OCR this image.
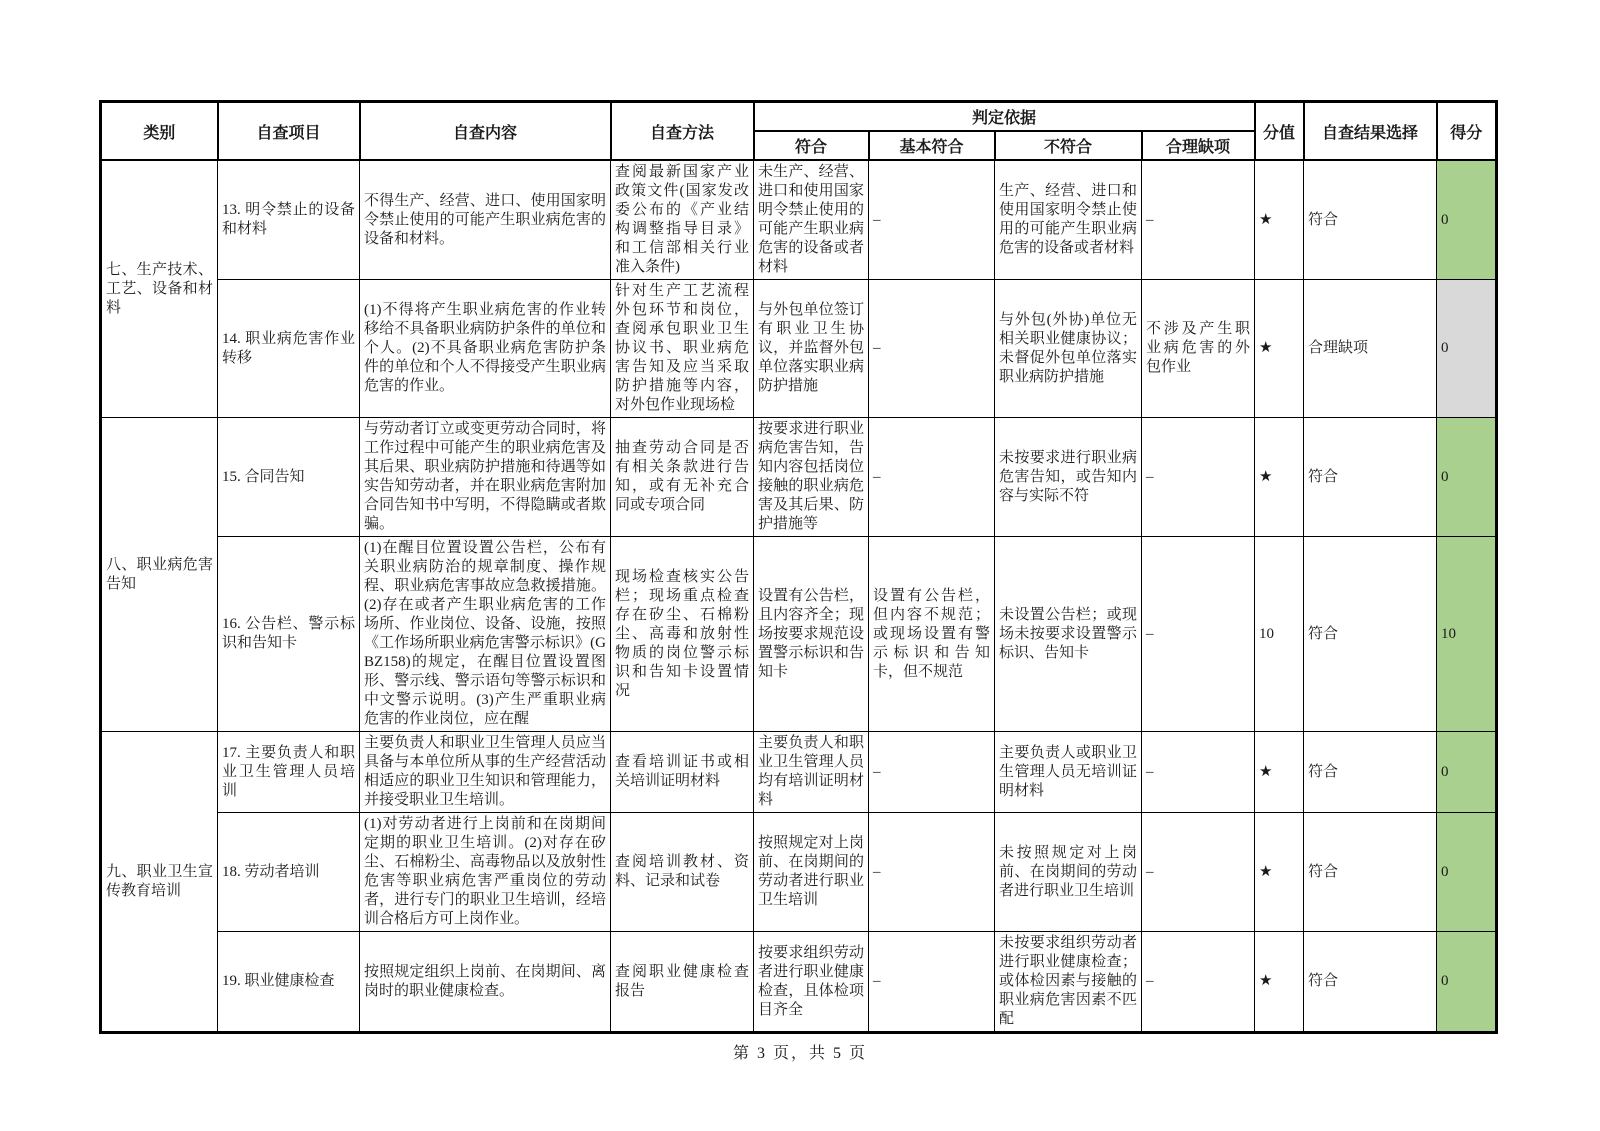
类别	自查项目	自查内容	自查方法	判定依据				分值	自查结果选择	得分
				符合	基本符合	不符合	合理缺项			
七、生产技术、工艺、设备和材料	13. 明令禁止的设备和材料	不得生产、经营、进口、使用国家明令禁止使用的可能产生职业病危害的设备和材料。	查阅最新国家产业政策文件(国家发改委公布的《产业结构调整指导目录》和工信部相关行业准入条件)	未生产、经营、进口和使用国家明令禁止使用的可能产生职业病危害的设备或者材料	–	生产、经营、进口和使用国家明令禁止使用的可能产生职业病危害的设备或者材料	–	★	符合	0
	14. 职业病危害作业转移	(1)不得将产生职业病危害的作业转移给不具备职业病防护条件的单位和个人。(2)不具备职业病危害防护条件的单位和个人不得接受产生职业病危害的作业。	针对生产工艺流程外包环节和岗位，查阅承包职业卫生协议书、职业病危害告知及应当采取防护措施等内容，对外包作业现场检	与外包单位签订有职业卫生协议，并监督外包单位落实职业病防护措施	–	与外包(外协)单位无相关职业健康协议；未督促外包单位落实职业病防护措施	不涉及产生职业病危害的外包作业	★	合理缺项	0
八、职业病危害告知	15. 合同告知	与劳动者订立或变更劳动合同时，将工作过程中可能产生的职业病危害及其后果、职业病防护措施和待遇等如实告知劳动者，并在职业病危害附加合同告知书中写明，不得隐瞒或者欺骗。	抽查劳动合同是否有相关条款进行告知，或有无补充合同或专项合同	按要求进行职业病危害告知，告知内容包括岗位接触的职业病危害及其后果、防护措施等	–	未按要求进行职业病危害告知，或告知内容与实际不符	–	★	符合	0
	16. 公告栏、警示标识和告知卡	(1)在醒目位置设置公告栏，公布有关职业病防治的规章制度、操作规程、职业病危害事故应急救援措施。(2)存在或者产生职业病危害的工作场所、作业岗位、设备、设施，按照《工作场所职业病危害警示标识》(GBZ158)的规定，在醒目位置设置图形、警示线、警示语句等警示标识和中文警示说明。(3)产生严重职业病危害的作业岗位，应在醒	现场检查核实公告栏；现场重点检查存在矽尘、石棉粉尘、高毒和放射性物质的岗位警示标识和告知卡设置情况	设置有公告栏，且内容齐全；现场按要求规范设置警示标识和告知卡	设置有公告栏，但内容不规范；或现场设置有警示标识和告知卡，但不规范	未设置公告栏；或现场未按要求设置警示标识、告知卡	–	10	符合	10
九、职业卫生宣传教育培训	17. 主要负责人和职业卫生管理人员培训	主要负责人和职业卫生管理人员应当具备与本单位所从事的生产经营活动相适应的职业卫生知识和管理能力，并接受职业卫生培训。	查看培训证书或相关培训证明材料	主要负责人和职业卫生管理人员均有培训证明材料	–	主要负责人或职业卫生管理人员无培训证明材料	–	★	符合	0
	18. 劳动者培训	(1)对劳动者进行上岗前和在岗期间定期的职业卫生培训。(2)对存在矽尘、石棉粉尘、高毒物品以及放射性危害等职业病危害严重岗位的劳动者，进行专门的职业卫生培训，经培训合格后方可上岗作业。	查阅培训教材、资料、记录和试卷	按照规定对上岗前、在岗期间的劳动者进行职业卫生培训	–	未按照规定对上岗前、在岗期间的劳动者进行职业卫生培训	–	★	符合	0
	19. 职业健康检查	按照规定组织上岗前、在岗期间、离岗时的职业健康检查。	查阅职业健康检查报告	按要求组织劳动者进行职业健康检查，且体检项目齐全	–	未按要求组织劳动者进行职业健康检查；或体检因素与接触的职业病危害因素不匹配	–	★	符合	0
第 3 页，共 5 页
